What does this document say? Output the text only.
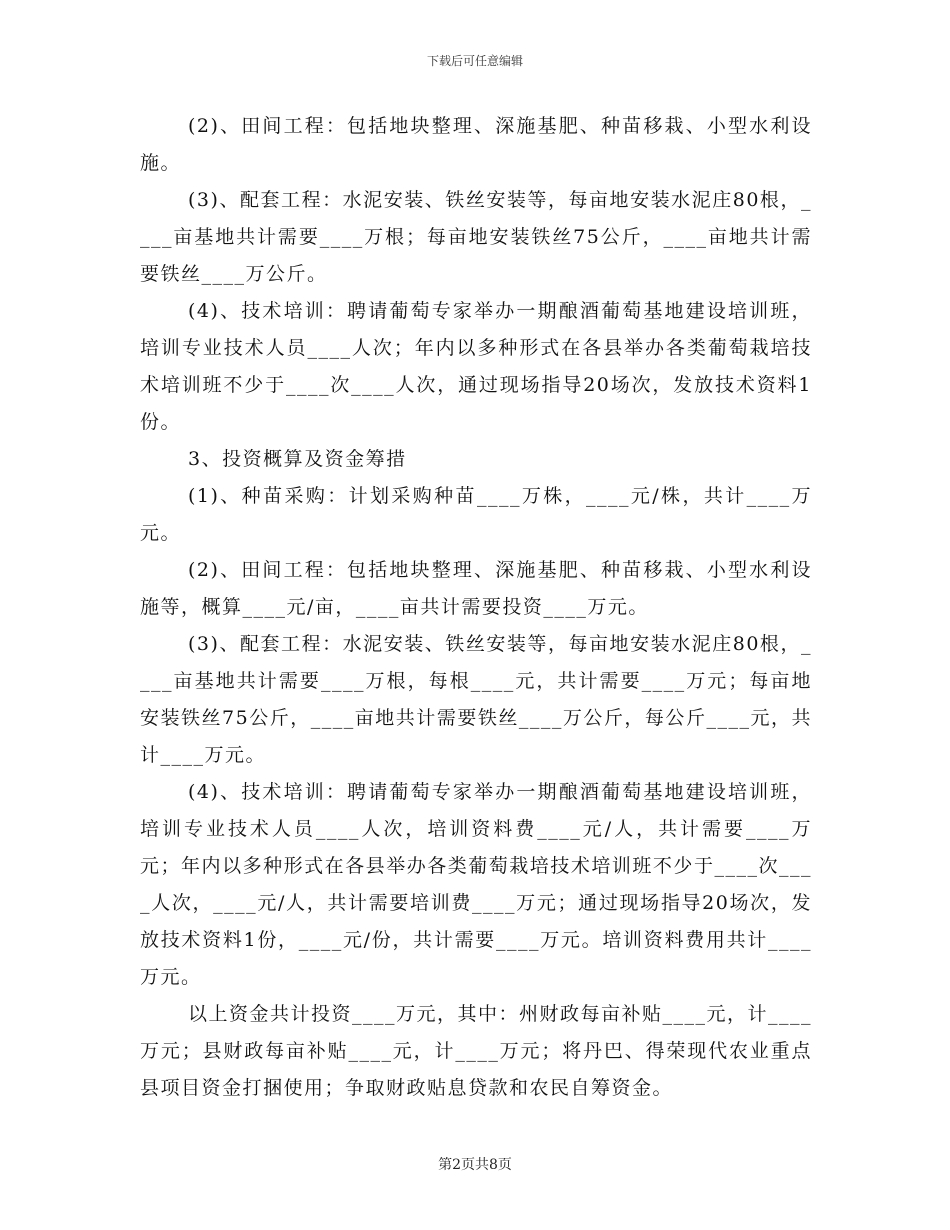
下载后可任意编辑

(2)、田间工程：包括地块整理、深施基肥、种苗移栽、小型水利设施。

(3)、配套工程：水泥安装、铁丝安装等，每亩地安装水泥庄80根，____亩基地共计需要____万根；每亩地安装铁丝75公斤，____亩地共计需要铁丝____万公斤。

(4)、技术培训：聘请葡萄专家举办一期酿酒葡萄基地建设培训班，培训专业技术人员____人次；年内以多种形式在各县举办各类葡萄栽培技术培训班不少于____次____人次，通过现场指导20场次，发放技术资料1份。

3、投资概算及资金筹措

(1)、种苗采购：计划采购种苗____万株，____元/株，共计____万元。

(2)、田间工程：包括地块整理、深施基肥、种苗移栽、小型水利设施等，概算____元/亩，____亩共计需要投资____万元。

(3)、配套工程：水泥安装、铁丝安装等，每亩地安装水泥庄80根，____亩基地共计需要____万根，每根____元，共计需要____万元；每亩地安装铁丝75公斤，____亩地共计需要铁丝____万公斤，每公斤____元，共计____万元。

(4)、技术培训：聘请葡萄专家举办一期酿酒葡萄基地建设培训班，培训专业技术人员____人次，培训资料费____元/人，共计需要____万元；年内以多种形式在各县举办各类葡萄栽培技术培训班不少于____次____人次，____元/人，共计需要培训费____万元；通过现场指导20场次，发放技术资料1份，____元/份，共计需要____万元。培训资料费用共计____万元。

以上资金共计投资____万元，其中：州财政每亩补贴____元，计____万元；县财政每亩补贴____元，计____万元；将丹巴、得荣现代农业重点县项目资金打捆使用；争取财政贴息贷款和农民自筹资金。

第2页共8页
